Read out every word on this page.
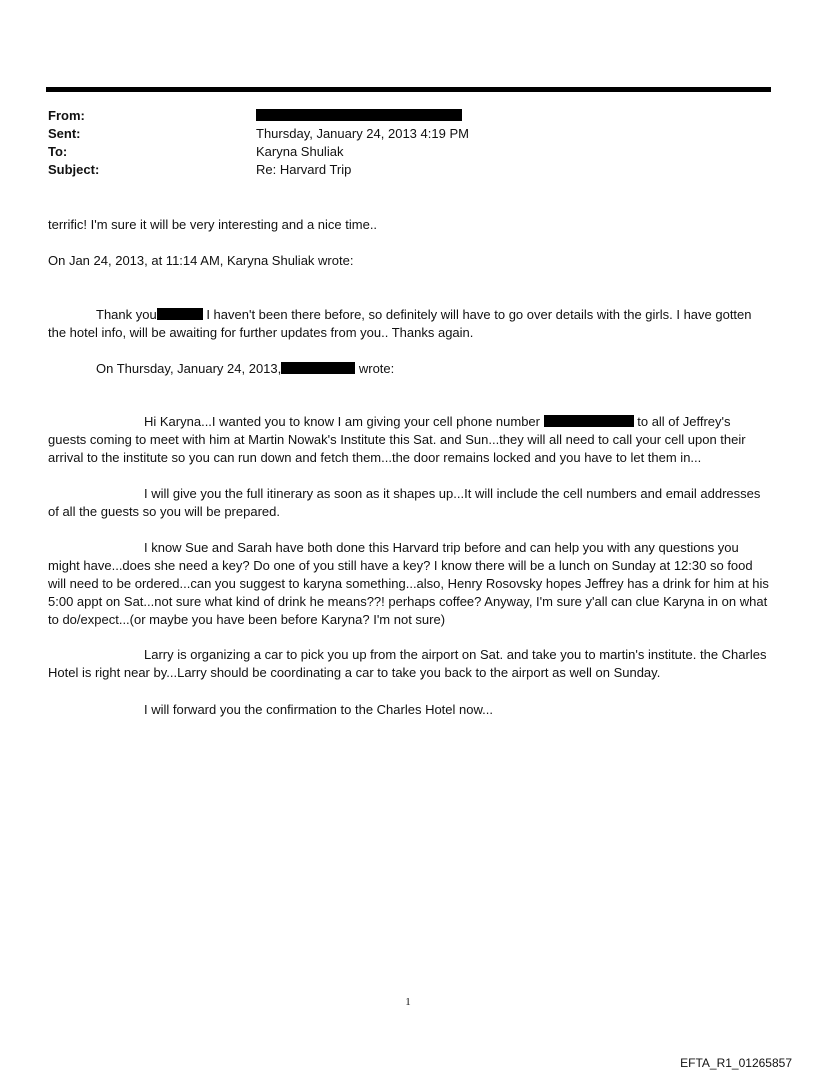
From:
Sent:	Thursday, January 24, 2013 4:19 PM
To:	Karyna Shuliak
Subject:	Re: Harvard Trip
terrific! I'm sure it will be very interesting and a nice time..
On Jan 24, 2013, at 11:14 AM, Karyna Shuliak wrote:
Thank you	I haven't been there before, so definitely will have to go over details with the girls. I have gotten the hotel info, will be awaiting for further updates from you.. Thanks again.
On Thursday, January 24, 2013,	wrote:
Hi Karyna...I wanted you to know I am giving your cell phone number	to all of Jeffrey's guests coming to meet with him at Martin Nowak's Institute this Sat. and Sun...they will all need to call your cell upon their arrival to the institute so you can run down and fetch them...the door remains locked and you have to let them in...
I will give you the full itinerary as soon as it shapes up...It will include the cell numbers and email addresses of all the guests so you will be prepared.
I know Sue and Sarah have both done this Harvard trip before and can help you with any questions you might have...does she need a key? Do one of you still have a key? I know there will be a lunch on Sunday at 12:30 so food will need to be ordered...can you suggest to karyna something...also, Henry Rosovsky hopes Jeffrey has a drink for him at his 5:00 appt on Sat...not sure what kind of drink he means??! perhaps coffee? Anyway, I'm sure y'all can clue Karyna in on what to do/expect...(or maybe you have been before Karyna? I'm not sure)
Larry is organizing a car to pick you up from the airport on Sat. and take you to martin's institute. the Charles Hotel is right near by...Larry should be coordinating a car to take you back to the airport as well on Sunday.
I will forward you the confirmation to the Charles Hotel now...
1
EFTA_R1_01265857
